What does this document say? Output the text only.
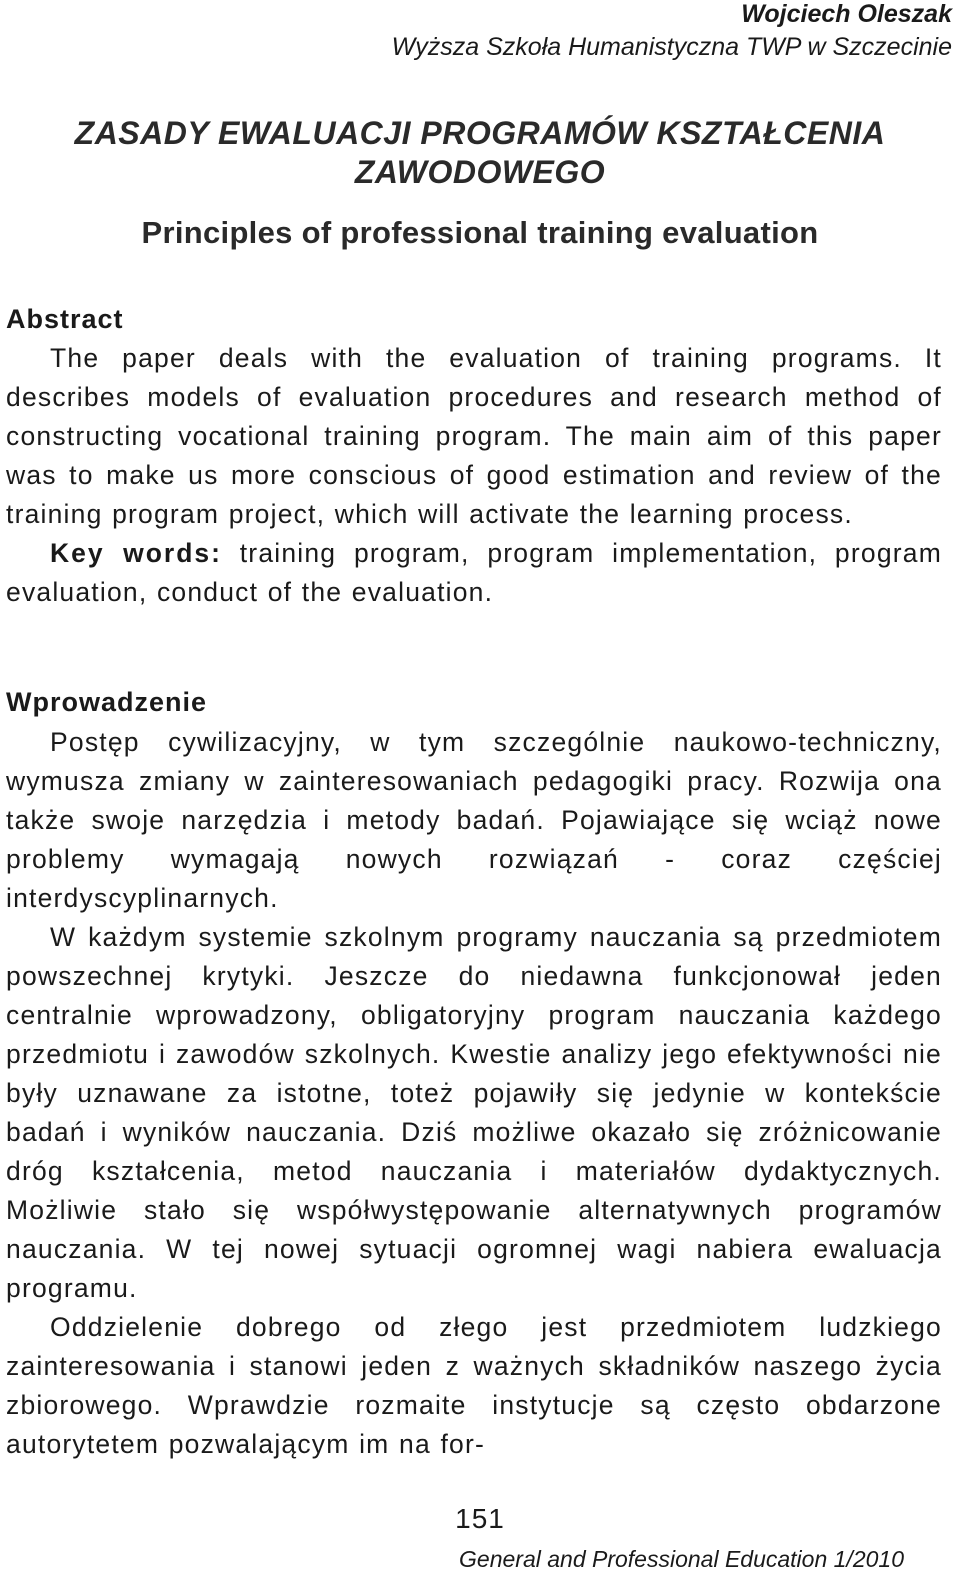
Wojciech Oleszak
Wyższa Szkoła Humanistyczna TWP w Szczecinie
ZASADY EWALUACJI PROGRAMÓW KSZTAŁCENIA ZAWODOWEGO
Principles of professional training evaluation
Abstract

The paper deals with the evaluation of training programs. It describes models of evaluation procedures and research method of constructing vocational training program. The main aim of this paper was to make us more conscious of good estimation and review of the training program project, which will activate the learning process.

Key words: training program, program implementation, program evaluation, conduct of the evaluation.

Wprowadzenie

Postęp cywilizacyjny, w tym szczególnie naukowo-techniczny, wymusza zmiany w zainteresowaniach pedagogiki pracy. Rozwija ona także swoje narzędzia i metody badań. Pojawiające się wciąż nowe problemy wymagają nowych rozwiązań - coraz częściej interdyscyplinarnych.

W każdym systemie szkolnym programy nauczania są przedmiotem powszechnej krytyki. Jeszcze do niedawna funkcjonował jeden centralnie wprowadzony, obligatoryjny program nauczania każdego przedmiotu i zawodów szkolnych. Kwestie analizy jego efektywności nie były uznawane za istotne, toteż pojawiły się jedynie w kontekście badań i wyników nauczania. Dziś możliwe okazało się zróżnicowanie dróg kształcenia, metod nauczania i materiałów dydaktycznych. Możliwie stało się współwystępowanie alternatywnych programów nauczania. W tej nowej sytuacji ogromnej wagi nabiera ewaluacja programu.

Oddzielenie dobrego od złego jest przedmiotem ludzkiego zainteresowania i stanowi jeden z ważnych składników naszego życia zbiorowego. Wprawdzie rozmaite instytucje są często obdarzone autorytetem pozwalającym im na for-

151
General and Professional Education 1/2010
